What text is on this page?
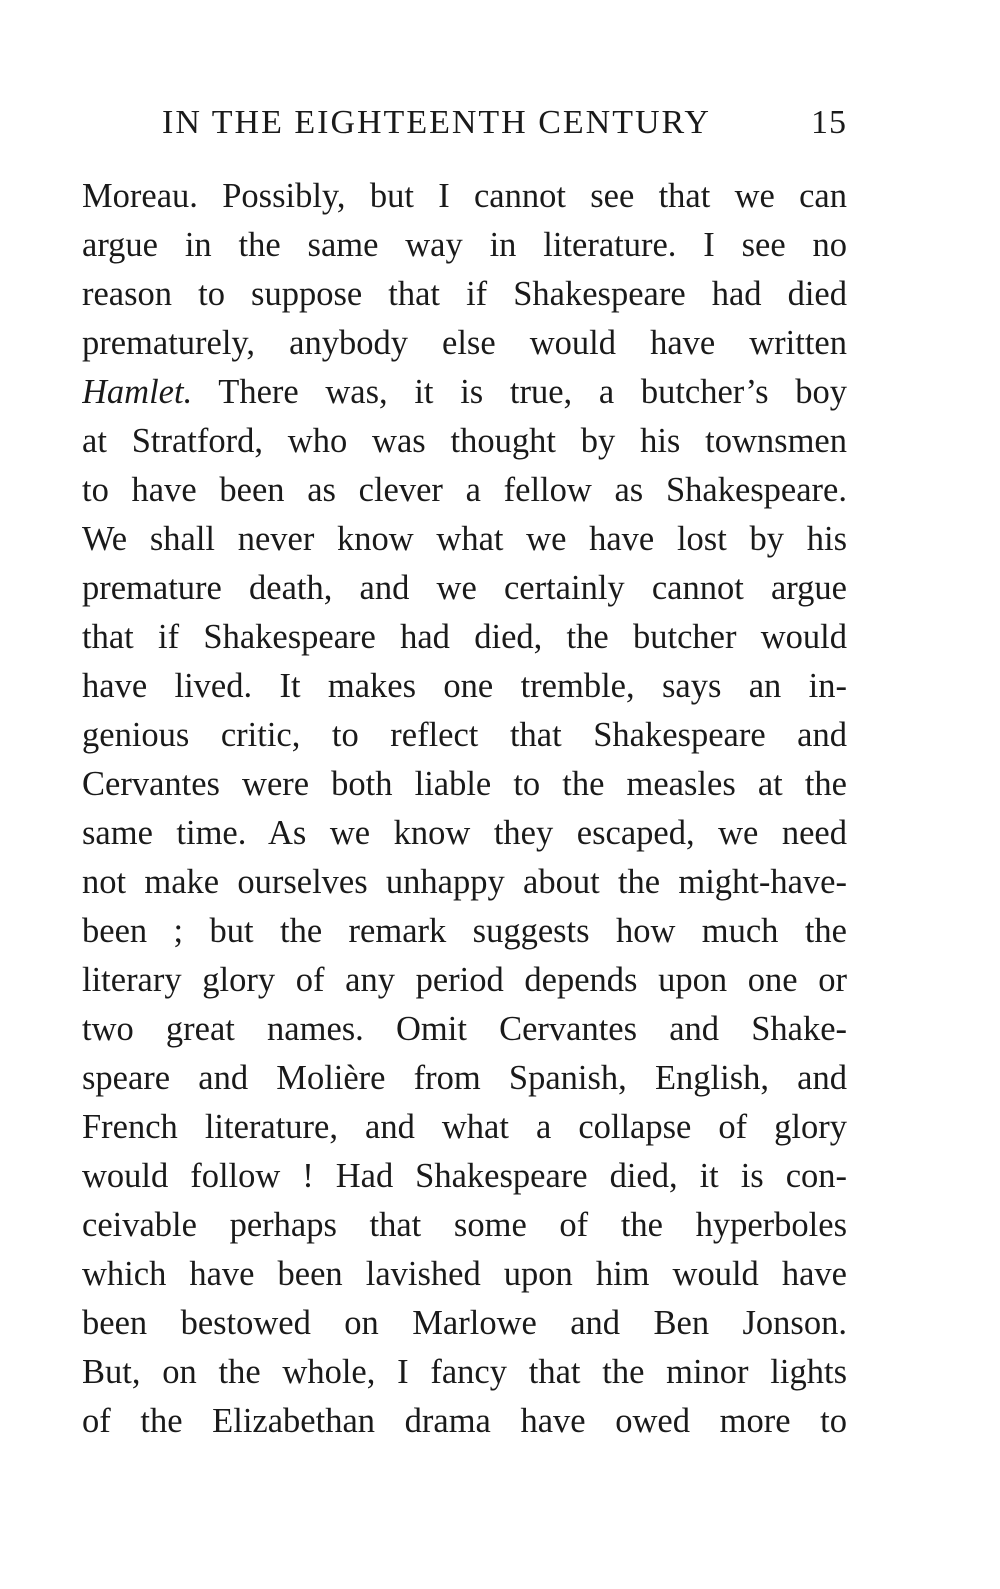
IN THE EIGHTEENTH CENTURY	15
Moreau. Possibly, but I cannot see that we can
argue in the same way in literature. I see no
reason to suppose that if Shakespeare had died
prematurely, anybody else would have written
Hamlet. There was, it is true, a butcher’s boy
at Stratford, who was thought by his townsmen
to have been as clever a fellow as Shakespeare.
We shall never know what we have lost by his
premature death, and we certainly cannot argue
that if Shakespeare had died, the butcher would
have lived. It makes one tremble, says an in-
genious critic, to reflect that Shakespeare and
Cervantes were both liable to the measles at the
same time. As we know they escaped, we need
not make ourselves unhappy about the might-have-
been ; but the remark suggests how much the
literary glory of any period depends upon one or
two great names. Omit Cervantes and Shake-
speare and Molière from Spanish, English, and
French literature, and what a collapse of glory
would follow ! Had Shakespeare died, it is con-
ceivable perhaps that some of the hyperboles
which have been lavished upon him would have
been bestowed on Marlowe and Ben Jonson.
But, on the whole, I fancy that the minor lights
of the Elizabethan drama have owed more to
